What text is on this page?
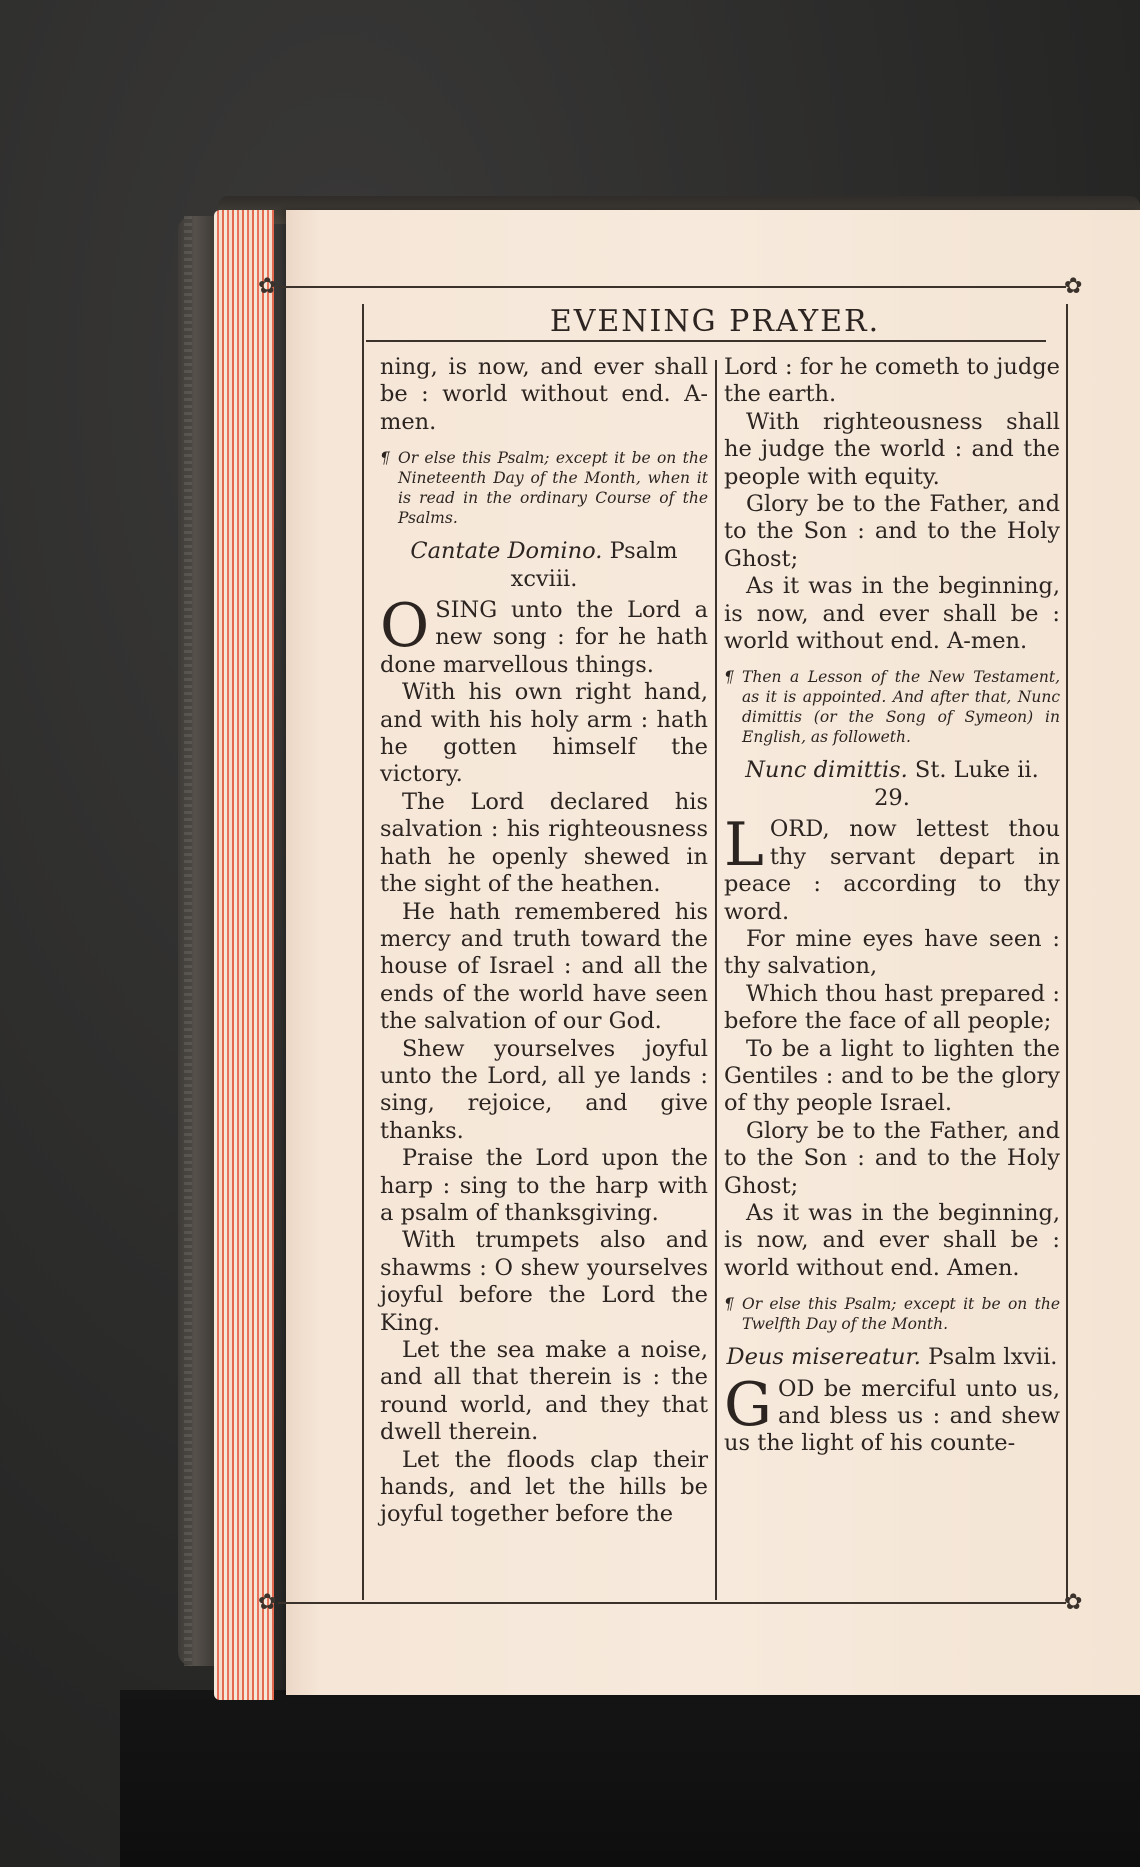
✿	✿
✿	✿
EVENING PRAYER.

ning, is now, and ever shall be : world without end. A-men.

¶ Or else this Psalm; except it be on the Nineteenth Day of the Month, when it is read in the ordinary Course of the Psalms.

Cantate Domino. Psalm xcviii.

OSING unto the Lord a new song : for he hath done marvellous things.

With his own right hand, and with his holy arm : hath he gotten himself the victory.

The Lord declared his salvation : his righteousness hath he openly shewed in the sight of the heathen.

He hath remembered his mercy and truth toward the house of Israel : and all the ends of the world have seen the salvation of our God.

Shew yourselves joyful unto the Lord, all ye lands : sing, rejoice, and give thanks.

Praise the Lord upon the harp : sing to the harp with a psalm of thanksgiving.

With trumpets also and shawms : O shew yourselves joyful before the Lord the King.

Let the sea make a noise, and all that therein is : the round world, and they that dwell therein.

Let the floods clap their hands, and let the hills be joyful together before the

Lord : for he cometh to judge the earth.

With righteousness shall he judge the world : and the people with equity.

Glory be to the Father, and to the Son : and to the Holy Ghost;

As it was in the beginning, is now, and ever shall be : world without end. A-men.

¶ Then a Lesson of the New Testament, as it is appointed. And after that, Nunc dimittis (or the Song of Symeon) in English, as followeth.

Nunc dimittis. St. Luke ii. 29.

LORD, now lettest thou thy servant depart in peace : according to thy word.

For mine eyes have seen : thy salvation,

Which thou hast prepared : before the face of all people;

To be a light to lighten the Gentiles : and to be the glory of thy people Israel.

Glory be to the Father, and to the Son : and to the Holy Ghost;

As it was in the beginning, is now, and ever shall be : world without end. Amen.

¶ Or else this Psalm; except it be on the Twelfth Day of the Month.

Deus misereatur. Psalm lxvii.

GOD be merciful unto us, and bless us : and shew us the light of his counte-
